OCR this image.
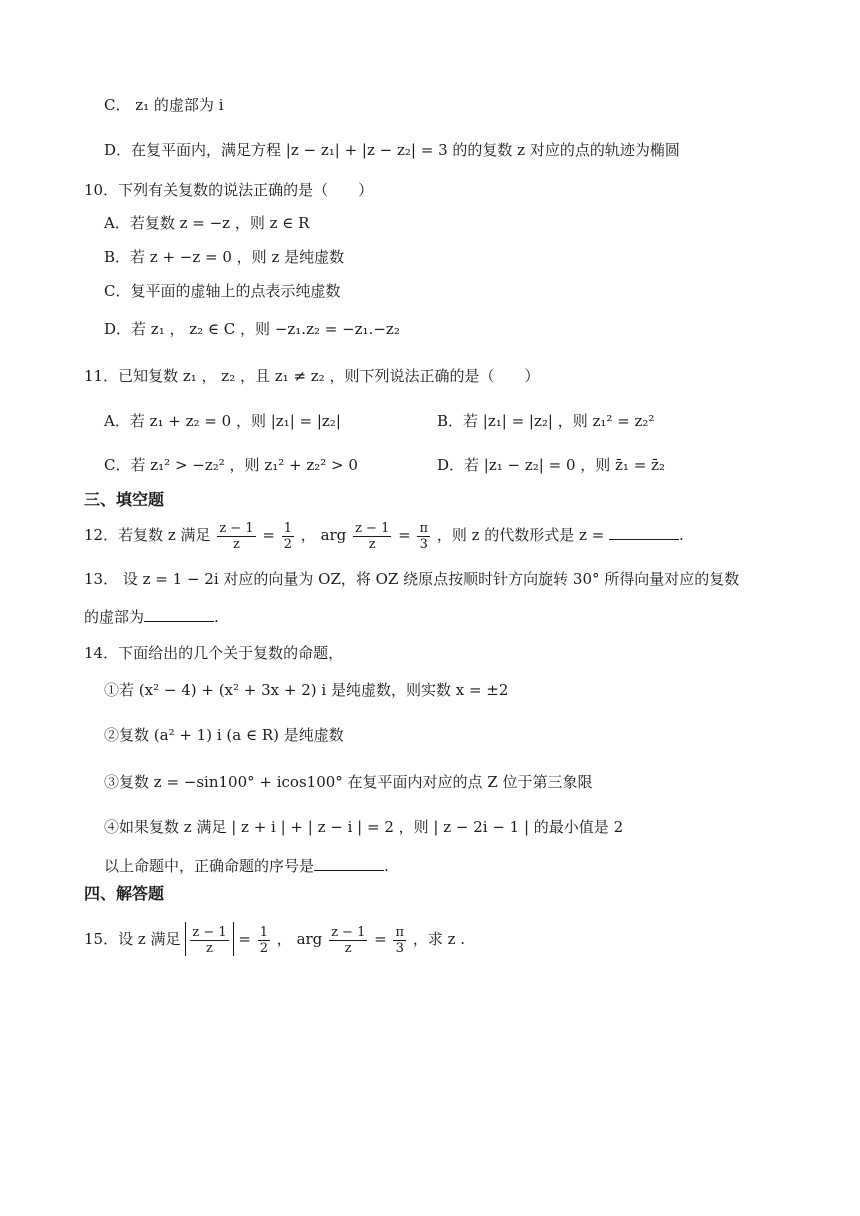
C． z₁ 的虚部为 i
D．在复平面内，满足方程 |z − z₁| + |z − z₂| = 3 的的复数 z 对应的点的轨迹为椭圆
10．下列有关复数的说法正确的是（　　）
A．若复数 z = −z ，则 z ∈ R
B．若 z + −z = 0 ，则 z 是纯虚数
C．复平面的虚轴上的点表示纯虚数
D．若 z₁ ， z₂ ∈ C ，则 −z₁.z₂ = −z₁.−z₂
11．已知复数 z₁ ， z₂ ，且 z₁ ≠ z₂ ，则下列说法正确的是（　　）
A．若 z₁ + z₂ = 0 ，则 |z₁| = |z₂|	B．若 |z₁| = |z₂| ，则 z₁² = z₂²
C．若 z₁² > −z₂² ，则 z₁² + z₂² > 0	D．若 |z₁ − z₂| = 0 ，则 z̄₁ = z̄₂
三、填空题
12．若复数 z 满足 $\frac{z - 1}{z} = \frac{1}{2}$ ， arg $\frac{z - 1}{z} = \frac{\pi}{3}$ ，则 z 的代数形式是 z =	.
13． 设 z = 1 − 2i 对应的向量为 OZ，将 OZ 绕原点按顺时针方向旋转 30° 所得向量对应的复数
的虚部为	.
14．下面给出的几个关于复数的命题，
①若 (x² − 4) + (x² + 3x + 2) i 是纯虚数，则实数 x = ±2
②复数 (a² + 1) i (a ∈ R) 是纯虚数
③复数 z = −sin100° + icos100° 在复平面内对应的点 Z 位于第三象限
④如果复数 z 满足 | z + i | + | z − i | = 2 ，则 | z − 2i − 1 | 的最小值是 2
以上命题中，正确命题的序号是	.
四、解答题
15．设 z 满足 $\frac{z - 1}{z} = \frac{1}{2}$ ， arg $\frac{z - 1}{z} = \frac{\pi}{3}$ ，求 z .
